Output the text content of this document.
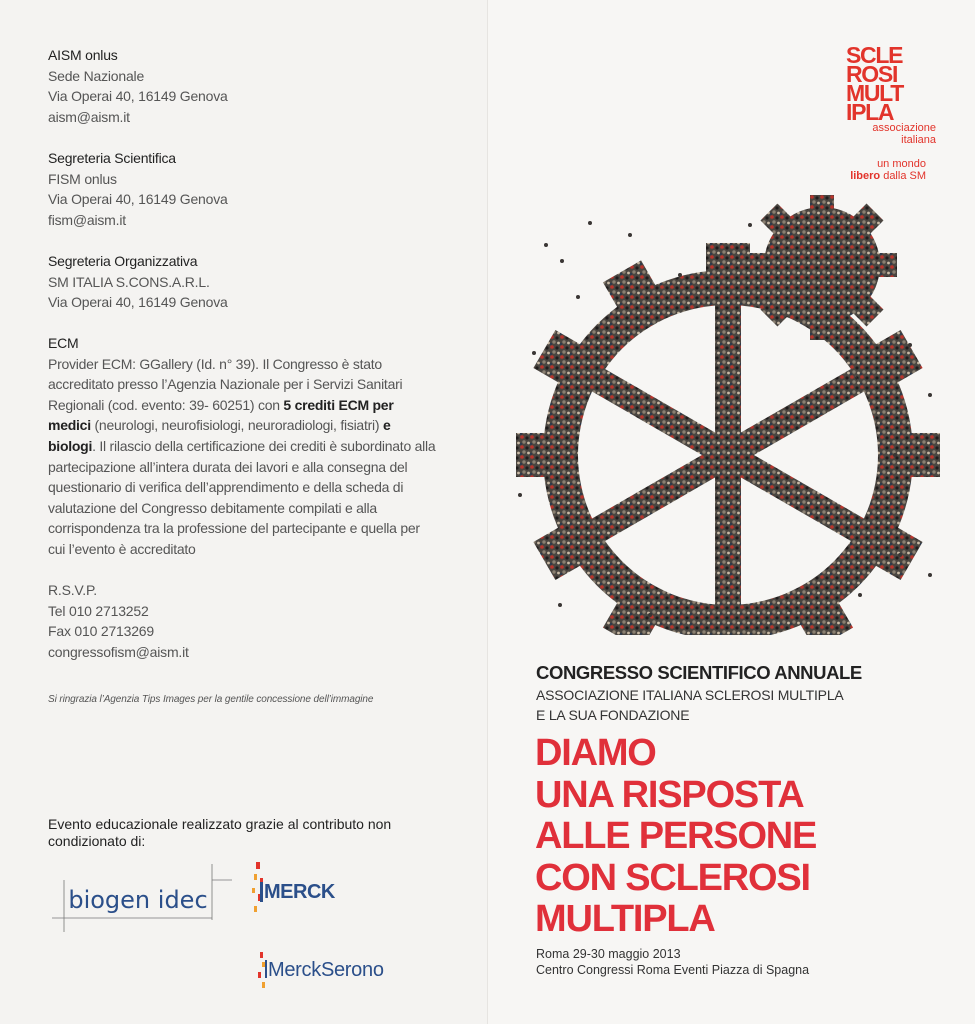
AISM onlus
Sede Nazionale
Via Operai 40, 16149 Genova
aism@aism.it
Segreteria Scientifica
FISM onlus
Via Operai 40, 16149 Genova
fism@aism.it
Segreteria Organizzativa
SM ITALIA S.CONS.A.R.L.
Via Operai 40, 16149 Genova
ECM
Provider ECM: GGallery (Id. n° 39). Il Congresso è stato accreditato presso l’Agenzia Nazionale per i Servizi Sanitari Regionali (cod. evento: 39- 60251) con 5 crediti ECM per medici (neurologi, neurofisiologi, neuroradiologi, fisiatri) e biologi. Il rilascio della certificazione dei crediti è subordinato alla partecipazione all’intera durata dei lavori e alla consegna del questionario di verifica dell’apprendimento e della scheda di valutazione del Congresso debitamente compilati e alla corrispondenza tra la professione del partecipante e quella per cui l’evento è accreditato
R.S.V.P.
Tel 010 2713252
Fax 010 2713269
congressofism@aism.it
Si ringrazia l’Agenzia Tips Images per la gentile concessione dell’immagine
Evento educazionale realizzato grazie al contributo non condizionato di:
biogen idec	MERCK
MerckSerono
SCLE
ROSI
MULT
IPLA
associazione italiana
un mondo
libero dalla SM
CONGRESSO SCIENTIFICO ANNUALE
ASSOCIAZIONE ITALIANA SCLEROSI MULTIPLA
E LA SUA FONDAZIONE
DIAMO
UNA RISPOSTA
ALLE PERSONE
CON SCLEROSI
MULTIPLA
Roma 29-30 maggio 2013
Centro Congressi Roma Eventi Piazza di Spagna
